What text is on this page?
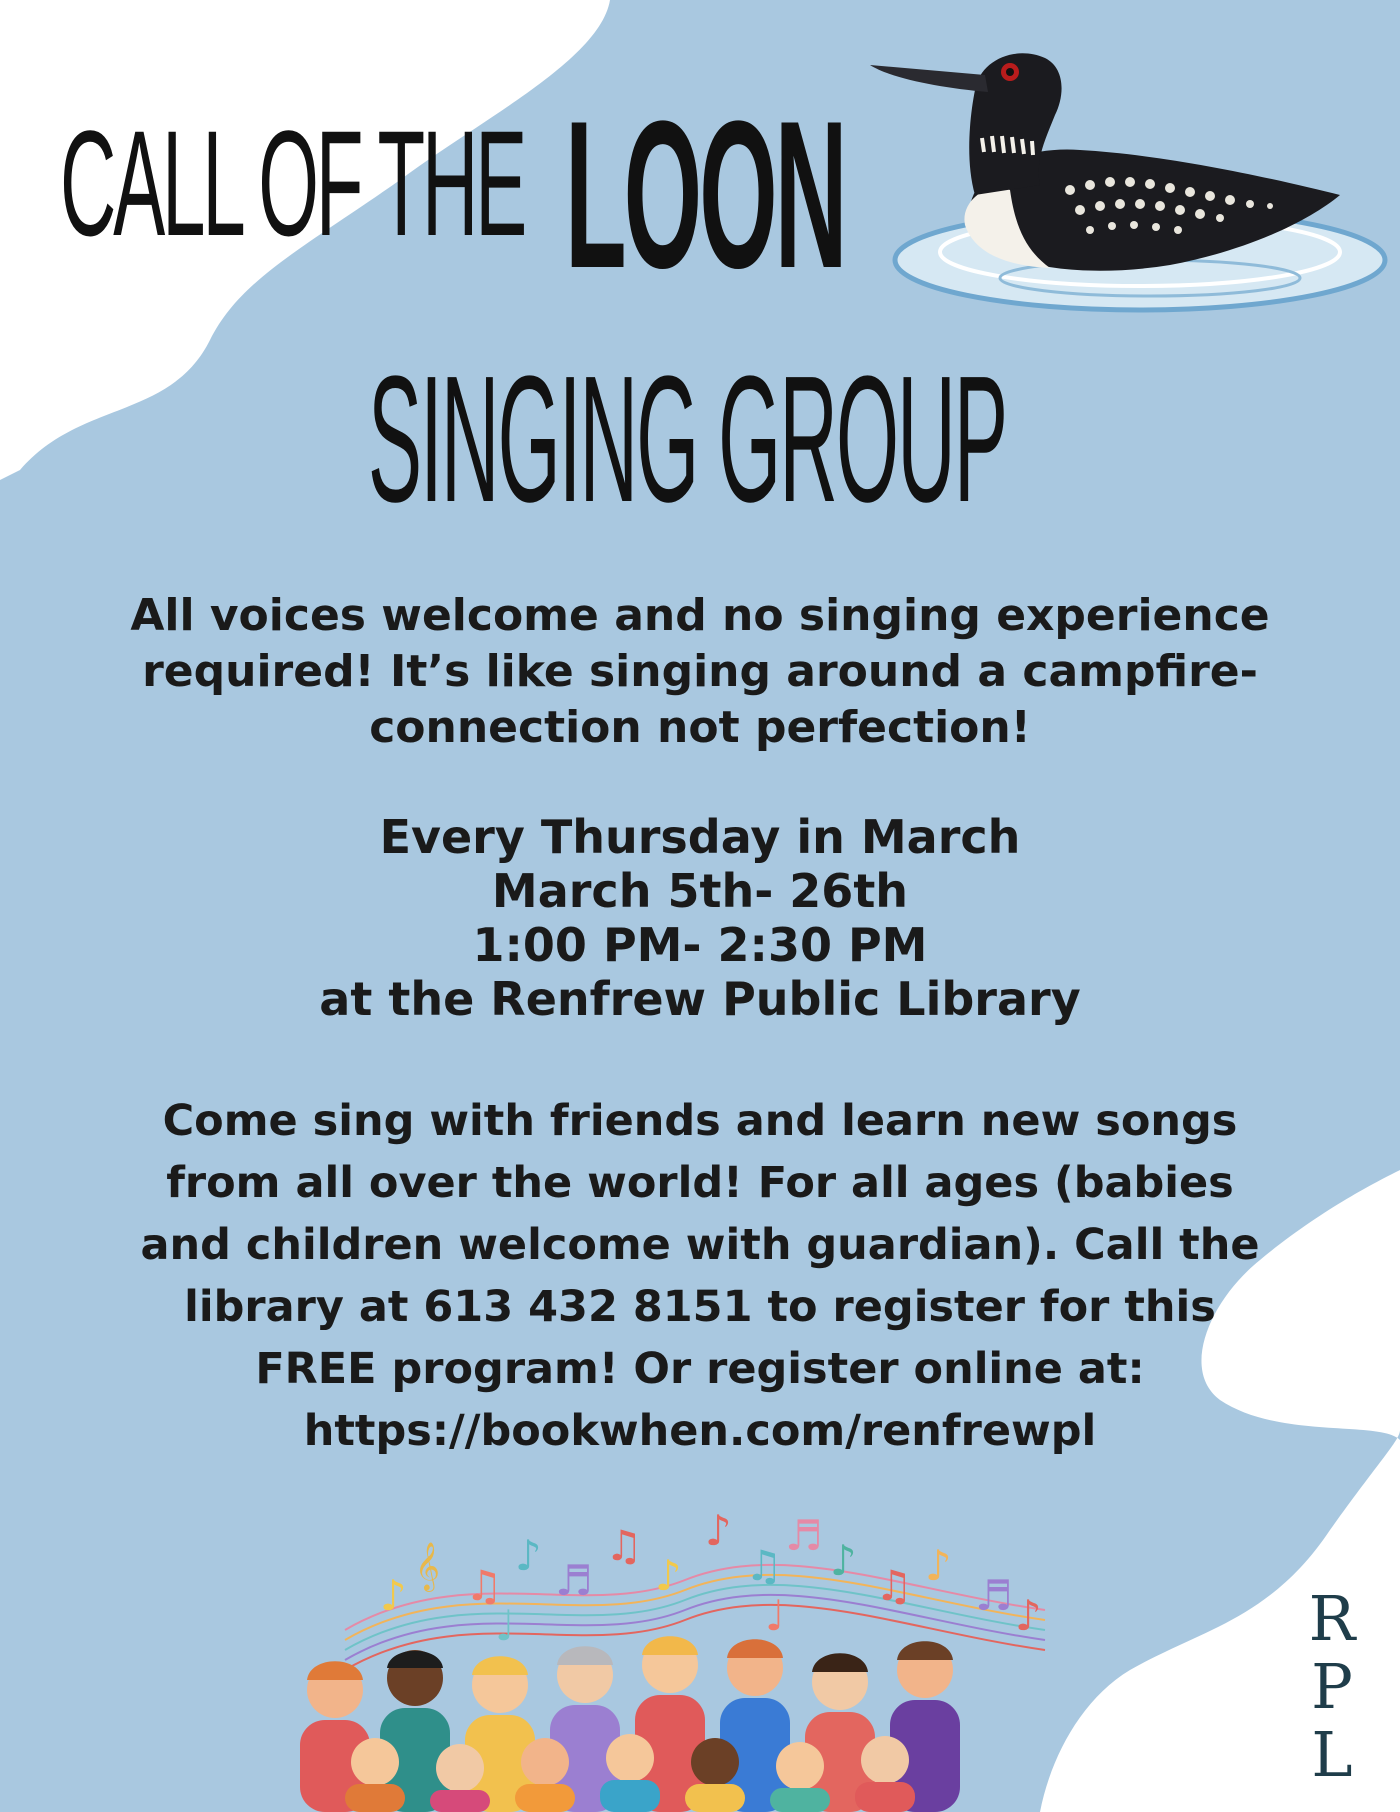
CALL OF THE LOON
SINGING GROUP
All voices welcome and no singing experience
required! It’s like singing around a campfire-
connection not perfection!
Every Thursday in March
March 5th- 26th
1:00 PM- 2:30 PM
at the Renfrew Public Library
Come sing with friends and learn new songs
from all over the world! For all ages (babies
and children welcome with guardian). Call the
library at 613 432 8151 to register for this
FREE program! Or register online at:
https://bookwhen.com/renfrewpl
♪
𝄞 ♫
♪
♬
♫
♪
♪
♫
♬
♪
♫ ♪
♬ ♪
♩	♩	R
P
L
